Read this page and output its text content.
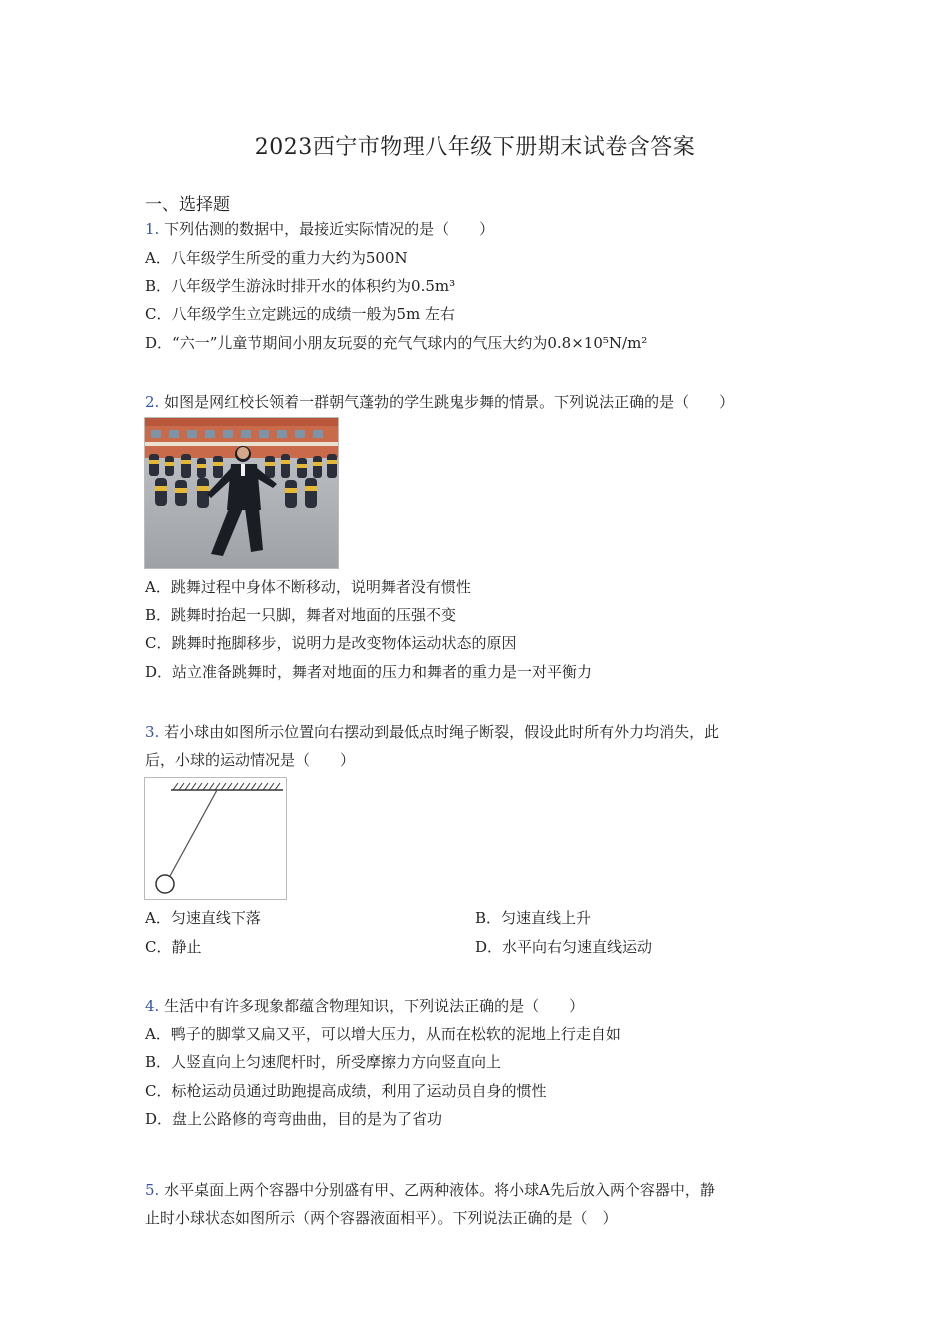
2023西宁市物理八年级下册期末试卷含答案
一、选择题
1. 下列估测的数据中，最接近实际情况的是（　　）
A．八年级学生所受的重力大约为500N
B．八年级学生游泳时排开水的体积约为0.5m³
C．八年级学生立定跳远的成绩一般为5m 左右
D．“六一”儿童节期间小朋友玩耍的充气气球内的气压大约为0.8×10⁵N/m²
2. 如图是网红校长领着一群朝气蓬勃的学生跳鬼步舞的情景。下列说法正确的是（　　）
A．跳舞过程中身体不断移动，说明舞者没有惯性
B．跳舞时抬起一只脚，舞者对地面的压强不变
C．跳舞时拖脚移步，说明力是改变物体运动状态的原因
D．站立准备跳舞时，舞者对地面的压力和舞者的重力是一对平衡力
3. 若小球由如图所示位置向右摆动到最低点时绳子断裂，假设此时所有外力均消失，此
后，小球的运动情况是（　　）
A．匀速直线下落	B．匀速直线上升
C．静止	D．水平向右匀速直线运动
4. 生活中有许多现象都蕴含物理知识，下列说法正确的是（　　）
A．鸭子的脚掌又扁又平，可以增大压力，从而在松软的泥地上行走自如
B．人竖直向上匀速爬杆时，所受摩擦力方向竖直向上
C．标枪运动员通过助跑提高成绩，利用了运动员自身的惯性
D．盘上公路修的弯弯曲曲，目的是为了省功
5. 水平桌面上两个容器中分别盛有甲、乙两种液体。将小球A先后放入两个容器中，静
止时小球状态如图所示（两个容器液面相平）。下列说法正确的是（　）
